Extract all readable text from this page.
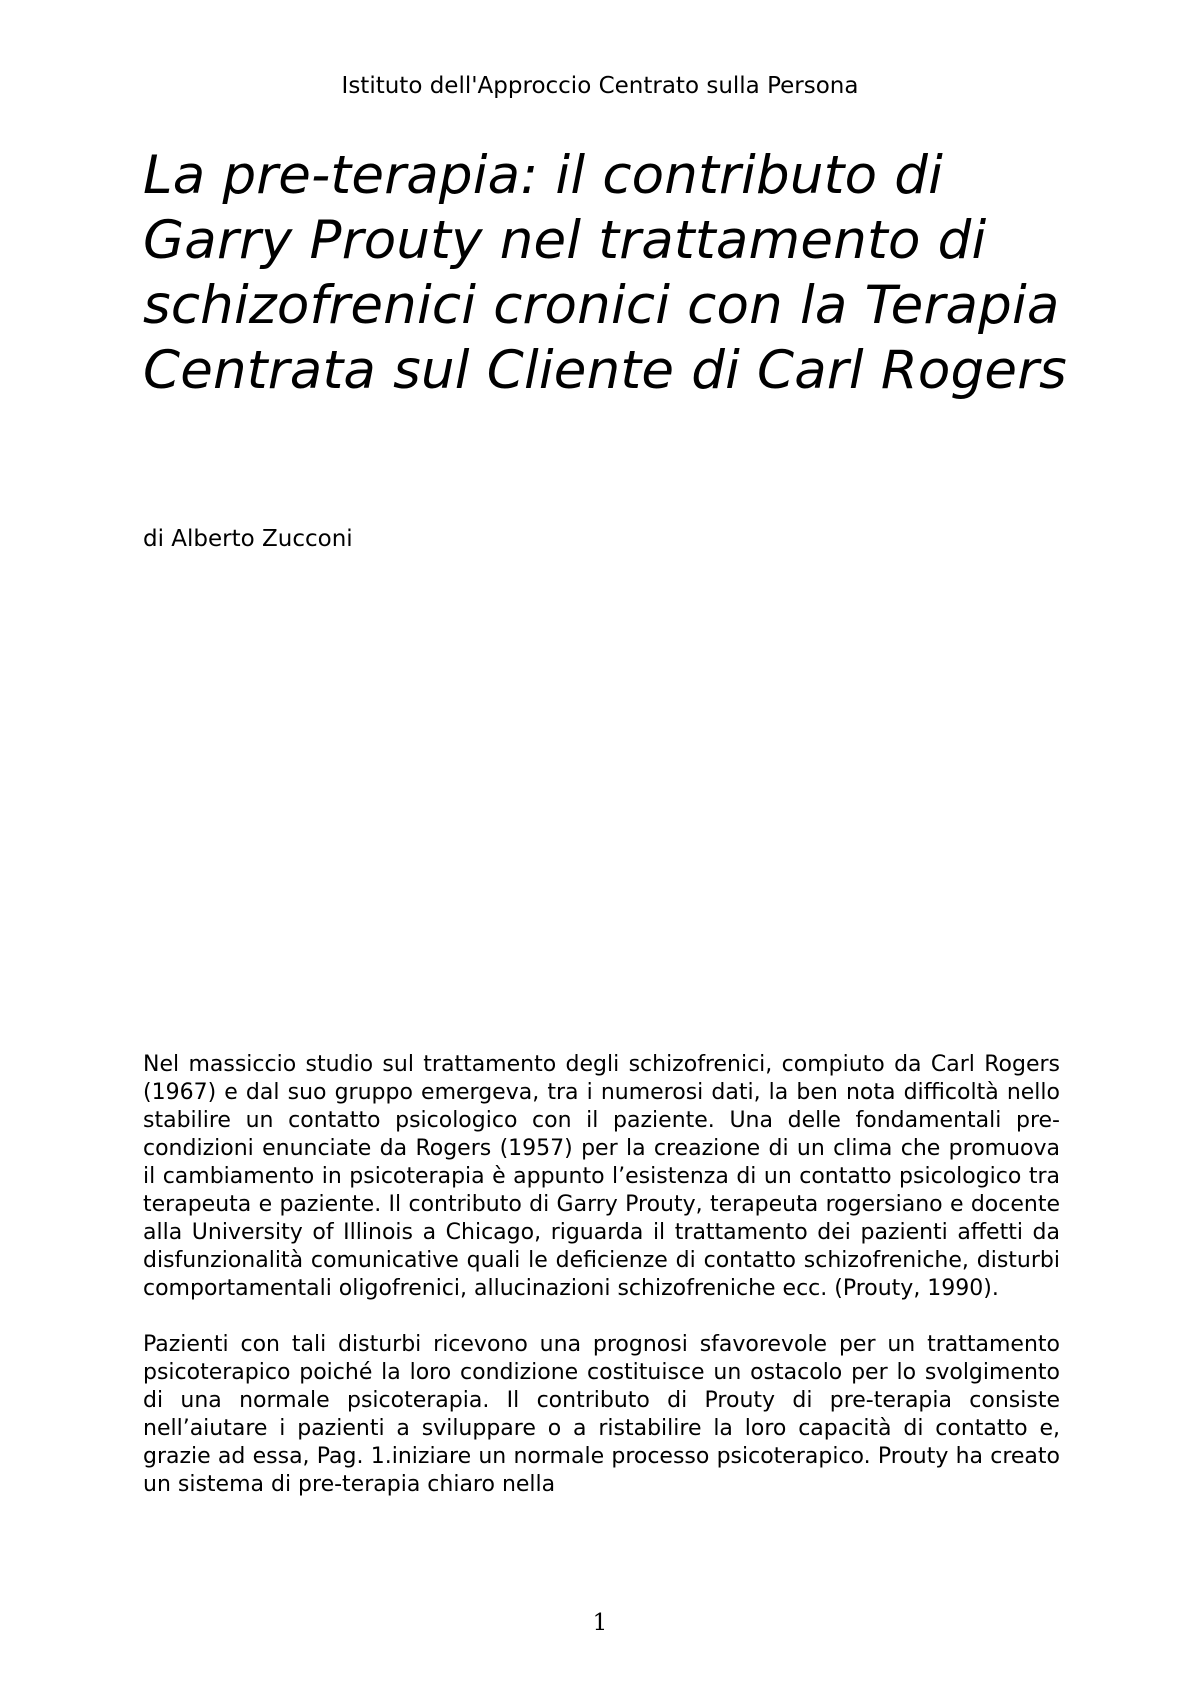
Istituto dell'Approccio Centrato sulla Persona
La pre-terapia: il contributo di Garry Prouty nel trattamento di schizofrenici cronici con la Terapia Centrata sul Cliente di Carl Rogers
di Alberto Zucconi

Nel massiccio studio sul trattamento degli schizofrenici, compiuto da Carl Rogers (1967) e dal suo gruppo emergeva, tra i numerosi dati, la ben nota difficoltà nello stabilire un contatto psicologico con il paziente. Una delle fondamentali pre-condizioni enunciate da Rogers (1957) per la creazione di un clima che promuova il cambiamento in psicoterapia è appunto l’esistenza di un contatto psicologico tra terapeuta e paziente. Il contributo di Garry Prouty, terapeuta rogersiano e docente alla University of Illinois a Chicago, riguarda il trattamento dei pazienti affetti da disfunzionalità comunicative quali le deficienze di contatto schizofreniche, disturbi comportamentali oligofrenici, allucinazioni schizofreniche ecc. (Prouty, 1990).

Pazienti con tali disturbi ricevono una prognosi sfavorevole per un trattamento psicoterapico poiché la loro condizione costituisce un ostacolo per lo svolgimento di una normale psicoterapia. Il contributo di Prouty di pre-terapia consiste nell’aiutare i pazienti a sviluppare o a ristabilire la loro capacità di contatto e, grazie ad essa, Pag. 1.iniziare un normale processo psicoterapico. Prouty ha creato un sistema di pre-terapia chiaro nella

1
